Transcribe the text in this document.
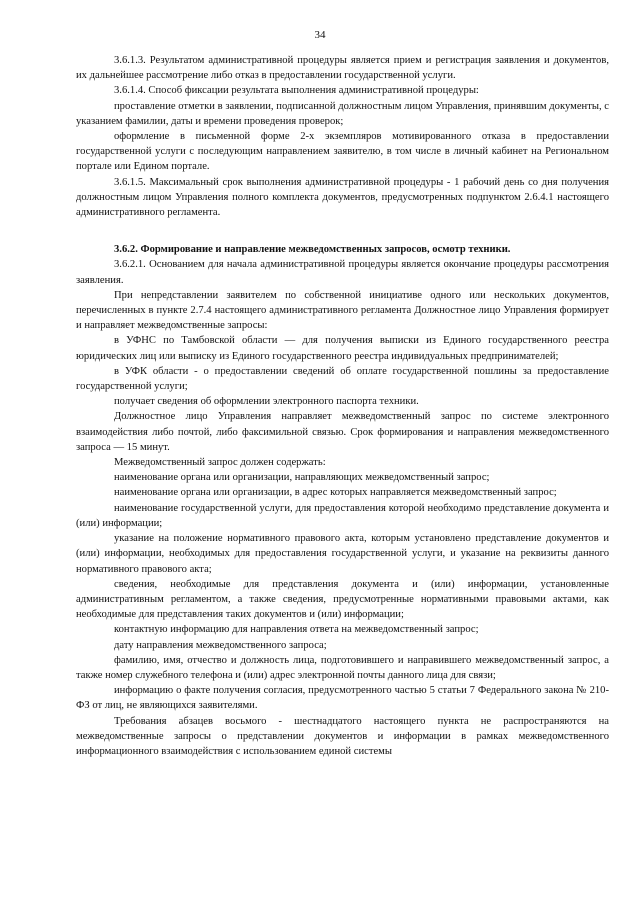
34

3.6.1.3. Результатом административной процедуры является прием и регистрация заявления и документов, их дальнейшее рассмотрение либо отказ в предоставлении государственной услуги.

3.6.1.4. Способ фиксации результата выполнения административной процедуры:

проставление отметки в заявлении, подписанной должностным лицом Управления, принявшим документы, с указанием фамилии, даты и времени проведения проверок;

оформление в письменной форме 2-х экземпляров мотивированного отказа в предоставлении государственной услуги с последующим направлением заявителю, в том числе в личный кабинет на Региональном портале или Едином портале.

3.6.1.5. Максимальный срок выполнения административной процедуры - 1 рабочий день со дня получения должностным лицом Управления полного комплекта документов, предусмотренных подпунктом 2.6.4.1 настоящего административного регламента.

3.6.2. Формирование и направление межведомственных запросов, осмотр техники.

3.6.2.1. Основанием для начала административной процедуры является окончание процедуры рассмотрения заявления.

При непредставлении заявителем по собственной инициативе одного или нескольких документов, перечисленных в пункте 2.7.4 настоящего административного регламента Должностное лицо Управления формирует и направляет межведомственные запросы:

в УФНС по Тамбовской области — для получения выписки из Единого государственного реестра юридических лиц или выписку из Единого государственного реестра индивидуальных предпринимателей;

в УФК области - о предоставлении сведений об оплате государственной пошлины за предоставление государственной услуги;

получает сведения об оформлении электронного паспорта техники.

Должностное лицо Управления направляет межведомственный запрос по системе электронного взаимодействия либо почтой, либо факсимильной связью. Срок формирования и направления межведомственного запроса — 15 минут.

Межведомственный запрос должен содержать:

наименование органа или организации, направляющих межведомственный запрос;

наименование органа или организации, в адрес которых направляется межведомственный запрос;

наименование государственной услуги, для предоставления которой необходимо представление документа и (или) информации;

указание на положение нормативного правового акта, которым установлено представление документов и (или) информации, необходимых для предоставления государственной услуги, и указание на реквизиты данного нормативного правового акта;

сведения, необходимые для представления документа и (или) информации, установленные административным регламентом, а также сведения, предусмотренные нормативными правовыми актами, как необходимые для представления таких документов и (или) информации;

контактную информацию для направления ответа на межведомственный запрос;

дату направления межведомственного запроса;

фамилию, имя, отчество и должность лица, подготовившего и направившего межведомственный запрос, а также номер служебного телефона и (или) адрес электронной почты данного лица для связи;

информацию о факте получения согласия, предусмотренного частью 5 статьи 7 Федерального закона № 210-ФЗ от лиц, не являющихся заявителями.

Требования абзацев восьмого - шестнадцатого настоящего пункта не распространяются на межведомственные запросы о представлении документов и информации в рамках межведомственного информационного взаимодействия с использованием единой системы
